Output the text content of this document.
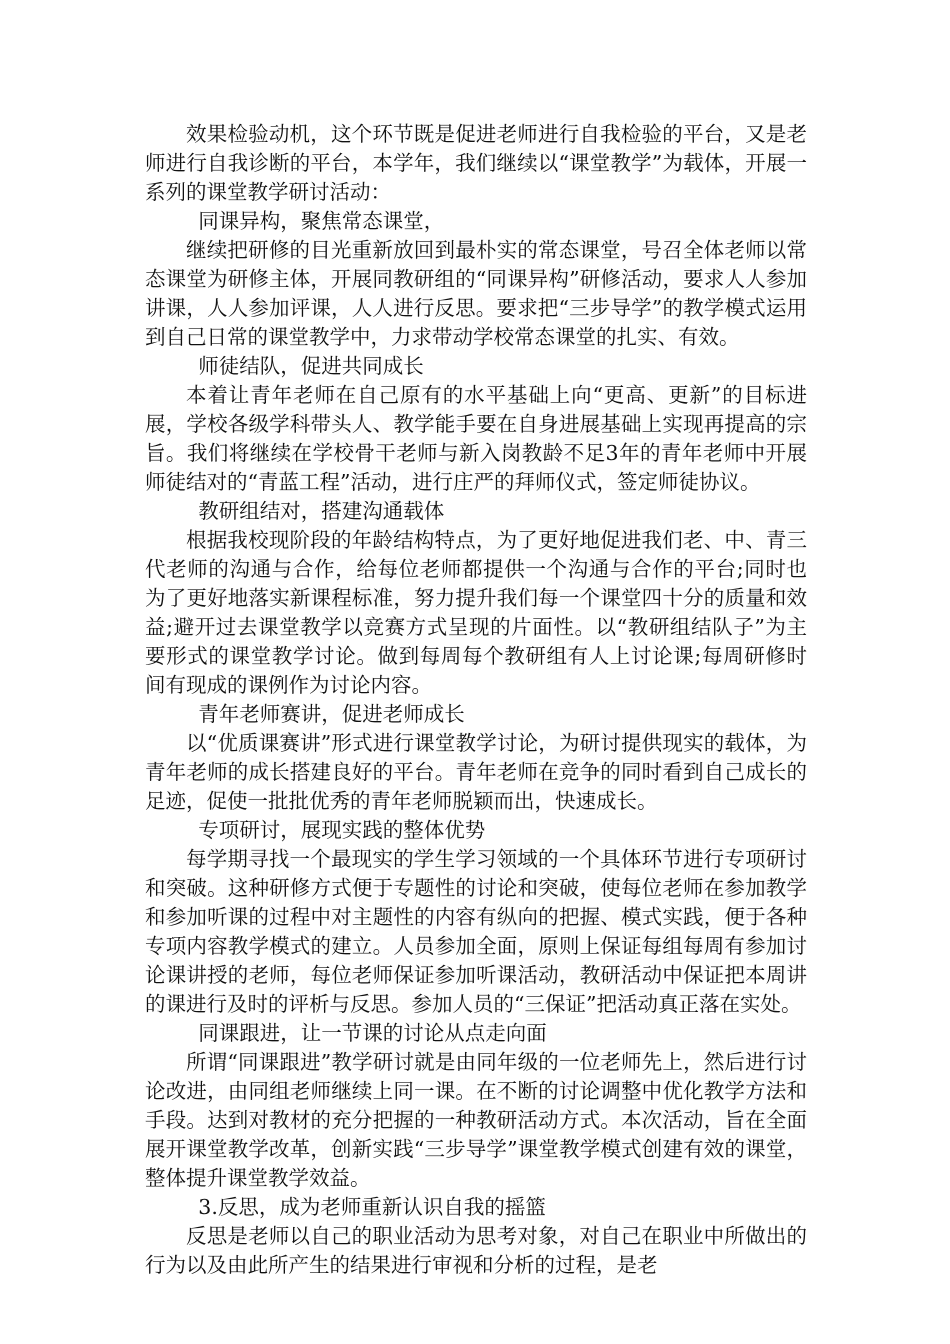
效果检验动机，这个环节既是促进老师进行自我检验的平台，又是老师进行自我诊断的平台，本学年，我们继续以“课堂教学”为载体，开展一系列的课堂教学研讨活动：

同课异构，聚焦常态课堂，

继续把研修的目光重新放回到最朴实的常态课堂，号召全体老师以常态课堂为研修主体，开展同教研组的“同课异构”研修活动，要求人人参加讲课，人人参加评课，人人进行反思。要求把“三步导学”的教学模式运用到自己日常的课堂教学中，力求带动学校常态课堂的扎实、有效。

师徒结队，促进共同成长

本着让青年老师在自己原有的水平基础上向“更高、更新”的目标进展，学校各级学科带头人、教学能手要在自身进展基础上实现再提高的宗旨。我们将继续在学校骨干老师与新入岗教龄不足3年的青年老师中开展 师徒结对的“青蓝工程”活动，进行庄严的拜师仪式，签定师徒协议。

教研组结对，搭建沟通载体

根据我校现阶段的年龄结构特点，为了更好地促进我们老、中、青三代老师的沟通与合作，给每位老师都提供一个沟通与合作的平台;同时也为了更好地落实新课程标准，努力提升我们每一个课堂四十分的质量和效益;避开过去课堂教学以竞赛方式呈现的片面性。以“教研组结队子”为主要形式的课堂教学讨论。做到每周每个教研组有人上讨论课;每周研修时间有现成的课例作为讨论内容。

青年老师赛讲，促进老师成长

以“优质课赛讲”形式进行课堂教学讨论，为研讨提供现实的载体，为青年老师的成长搭建良好的平台。青年老师在竞争的同时看到自己成长的足迹，促使一批批优秀的青年老师脱颖而出，快速成长。

专项研讨，展现实践的整体优势

每学期寻找一个最现实的学生学习领域的一个具体环节进行专项研讨和突破。这种研修方式便于专题性的讨论和突破，使每位老师在参加教学和参加听课的过程中对主题性的内容有纵向的把握、模式实践，便于各种专项内容教学模式的建立。人员参加全面，原则上保证每组每周有参加讨论课讲授的老师，每位老师保证参加听课活动，教研活动中保证把本周讲的课进行及时的评析与反思。参加人员的“三保证”把活动真正落在实处。

同课跟进，让一节课的讨论从点走向面

所谓“同课跟进”教学研讨就是由同年级的一位老师先上，然后进行讨论改进，由同组老师继续上同一课。在不断的讨论调整中优化教学方法和手段。达到对教材的充分把握的一种教研活动方式。本次活动，旨在全面展开课堂教学改革，创新实践“三步导学”课堂教学模式创建有效的课堂，整体提升课堂教学效益。

3.反思，成为老师重新认识自我的摇篮

反思是老师以自己的职业活动为思考对象，对自己在职业中所做出的行为以及由此所产生的结果进行审视和分析的过程，是老
